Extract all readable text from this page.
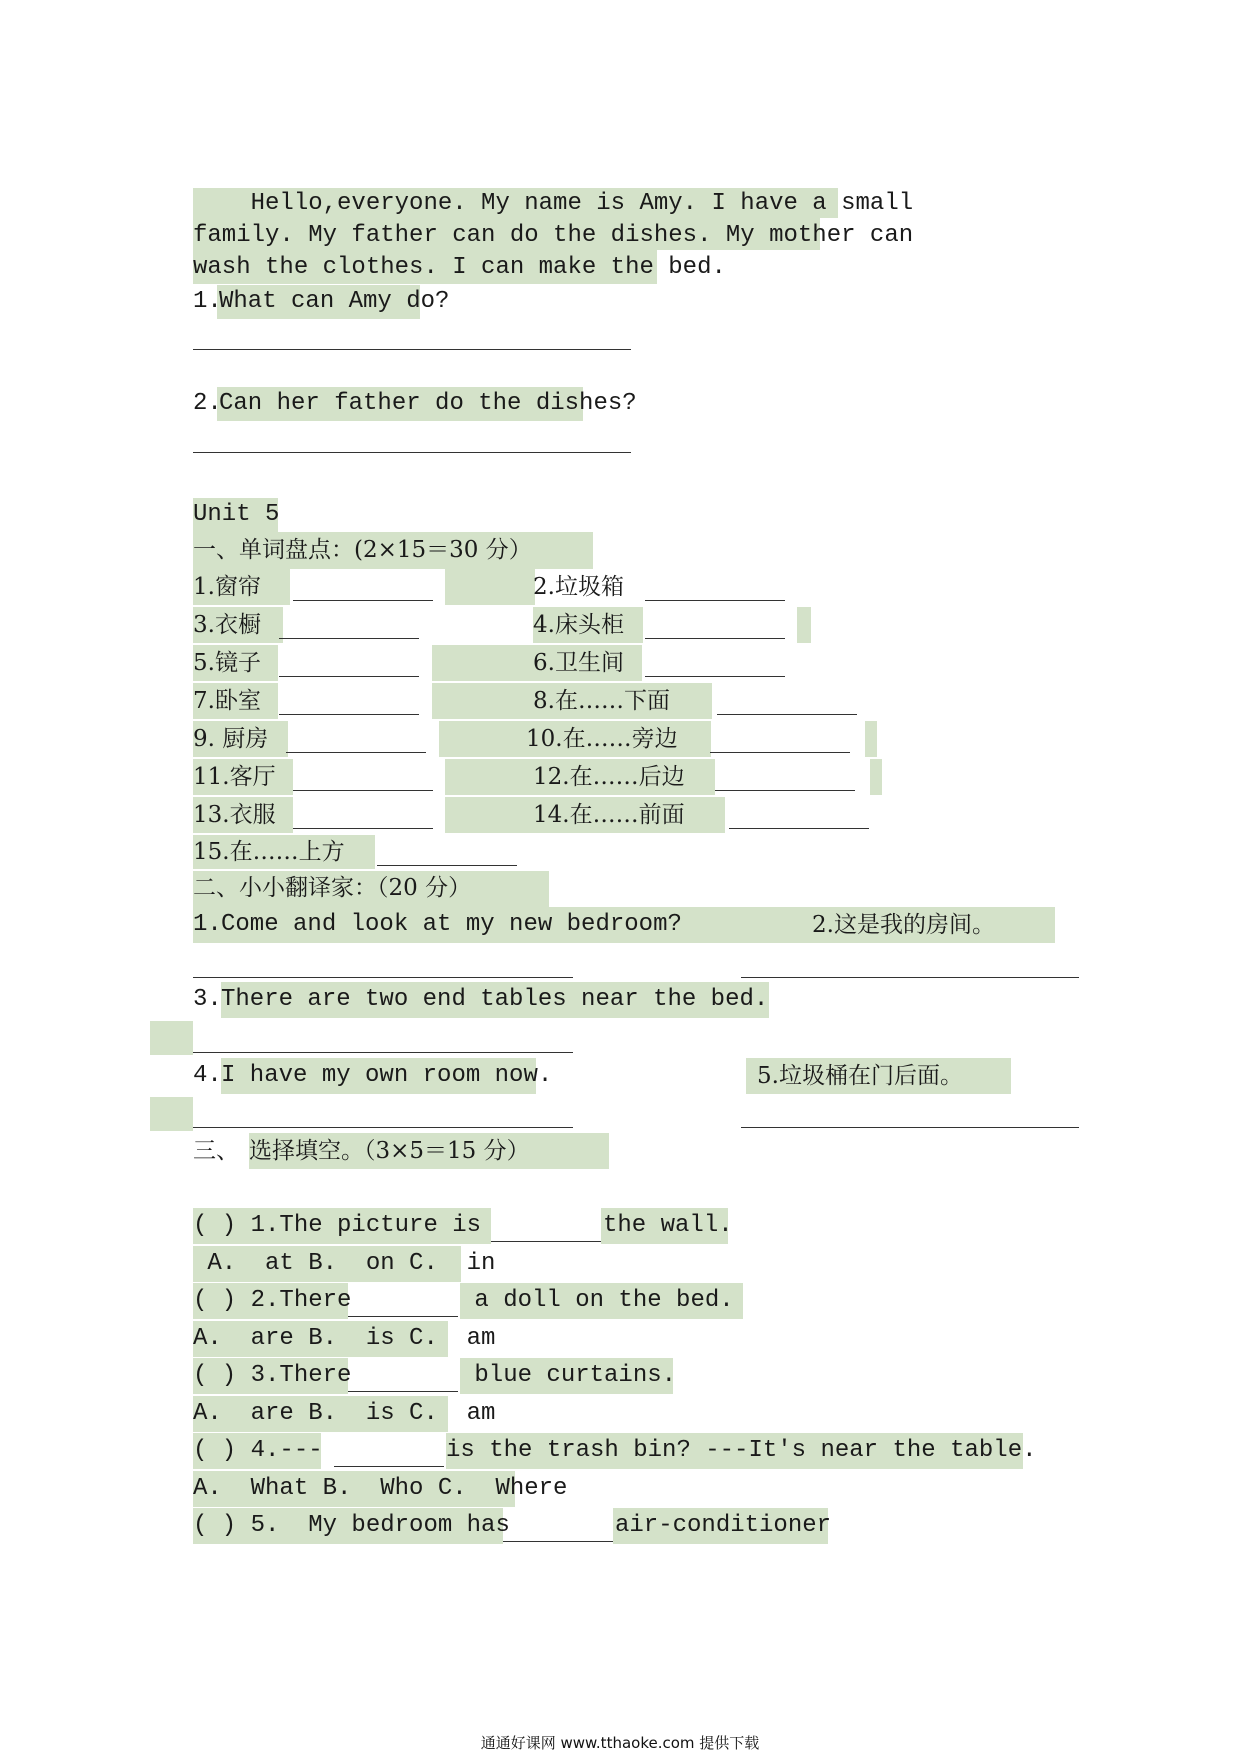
Hello,everyone. My name is Amy. I have a small
family. My father can do the dishes. My mother can
wash the clothes. I can make the bed.
1.
What can Amy do?
2.
Can her father do the dishes?
Unit 5
一、单词盘点：(2×15＝30 分）
1.窗帘	2.垃圾箱
3.衣橱	4.床头柜
5.镜子	6.卫生间
7.卧室	8.在……下面
9. 厨房	10.在……旁边
11.客厅	12.在……后边
13.衣服	14.在……前面
15.在……上方
二、小小翻译家：（20 分）
1. Come and look at my new bedroom?	2. 这是我的房间。
3. There are two end tables near the bed.
4. I have my own room now.	5. 垃圾桶在门后面。
三、 选择填空。（3×5＝15 分）
( ) 1.The picture is	the wall.
A.  at B.  on C.  in
( ) 2.There	a doll on the bed.
A.  are B.  is C.  am
( ) 3.There	blue curtains.
A.  are B.  is C.  am
( ) 4.---	is the trash bin? ---It's near the table.
A.  What B.  Who C.  Where
( ) 5.  My bedroom has	air-conditioner
通通好课网 www.tthaoke.com 提供下载
